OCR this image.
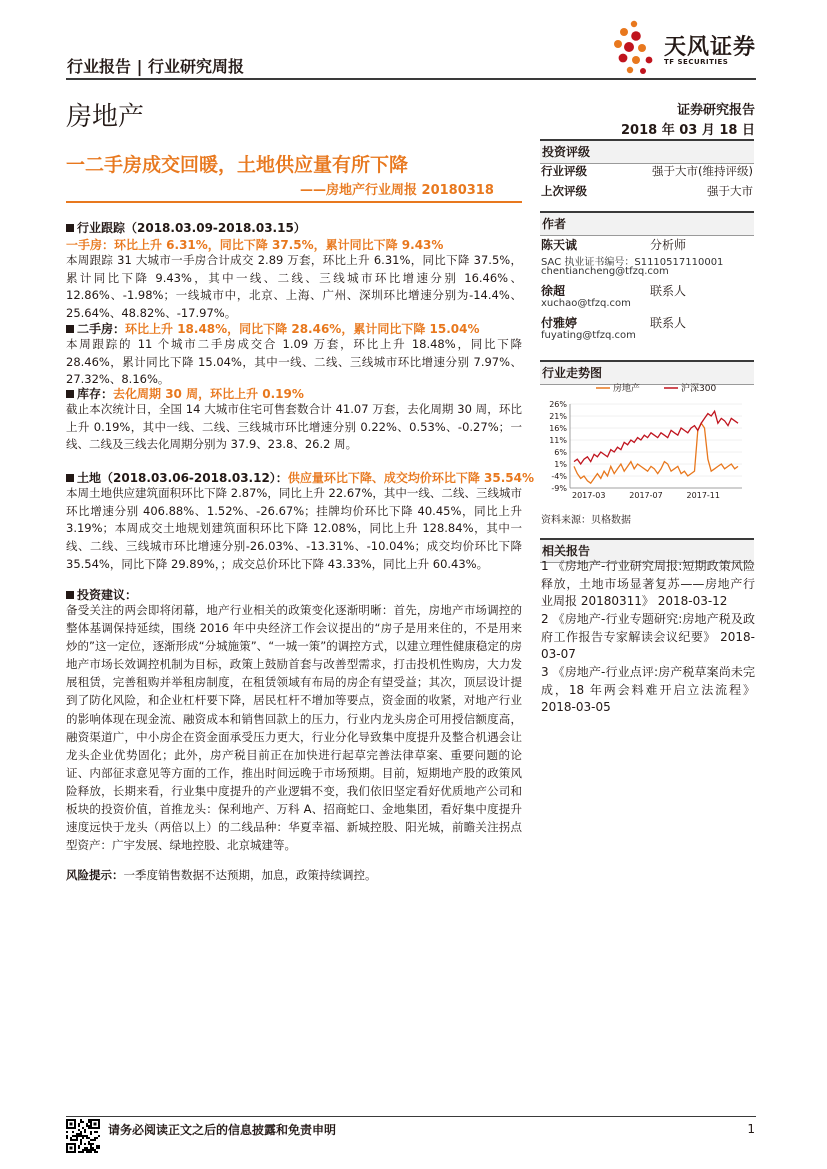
行业报告 | 行业研究周报
天风证券
TF SECURITIES
房地产	证券研究报告
2018 年 03 月 18 日
一二手房成交回暖，土地供应量有所下降
——房地产行业周报 20180318
投资评级
行业评级	强于大市(维持评级)
上次评级	强于大市
作者
陈天诚	分析师
SAC 执业证书编号：S1110517110001
chentiancheng@tfzq.com
徐超	联系人
xuchao@tfzq.com
付雅婷	联系人
fuyating@tfzq.com
行业走势图
房地产	沪深300
26%
21%
16%
11%
6%
1%
-4%
-9%
2017-03	2017-07	2017-11
资料来源：贝格数据
相关报告
1 《房地产-行业研究周报:短期政策风险释放，土地市场显著复苏——房地产行业周报 20180311》 2018-03-12
2 《房地产-行业专题研究:房地产税及政府工作报告专家解读会议纪要》 2018-03-07
3 《房地产-行业点评:房产税草案尚未完成，18 年两会料难开启立法流程》 2018-03-05
行业跟踪（2018.03.09-2018.03.15）
一手房：环比上升 6.31%，同比下降 37.5%，累计同比下降 9.43%
本周跟踪 31 大城市一手房合计成交 2.89 万套，环比上升 6.31%，同比下降 37.5%，累计同比下降 9.43%，其中一线、二线、三线城市环比增速分别 16.46%、12.86%、-1.98%；一线城市中，北京、上海、广州、深圳环比增速分别为-14.4%、25.64%、48.82%、-17.97%。
二手房：环比上升 18.48%，同比下降 28.46%，累计同比下降 15.04%
本周跟踪的 11 个城市二手房成交合 1.09 万套，环比上升 18.48%，同比下降 28.46%，累计同比下降 15.04%，其中一线、二线、三线城市环比增速分别 7.97%、27.32%、8.16%。
库存：去化周期 30 周，环比上升 0.19%
截止本次统计日，全国 14 大城市住宅可售套数合计 41.07 万套，去化周期 30 周，环比上升 0.19%，其中一线、二线、三线城市环比增速分别 0.22%、0.53%、-0.27%；一线、二线及三线去化周期分别为 37.9、23.8、26.2 周。
土地（2018.03.06-2018.03.12）：供应量环比下降、成交均价环比下降 35.54%
本周土地供应建筑面积环比下降 2.87%，同比上升 22.67%，其中一线、二线、三线城市环比增速分别 406.88%、1.52%、-26.67%；挂牌均价环比下降 40.45%，同比上升 3.19%；本周成交土地规划建筑面积环比下降 12.08%，同比上升 128.84%，其中一线、二线、三线城市环比增速分别-26.03%、-13.31%、-10.04%；成交均价环比下降 35.54%，同比下降 29.89%，；成交总价环比下降 43.33%，同比上升 60.43%。
投资建议：
备受关注的两会即将闭幕，地产行业相关的政策变化逐渐明晰：首先，房地产市场调控的整体基调保持延续，围绕 2016 年中央经济工作会议提出的“房子是用来住的，不是用来炒的”这一定位，逐渐形成“分城施策”、“一城一策”的调控方式，以建立理性健康稳定的房地产市场长效调控机制为目标，政策上鼓励首套与改善型需求，打击投机性购房，大力发展租赁，完善租购并举租房制度，在租赁领域有布局的房企有望受益；其次，顶层设计提到了防化风险，和企业杠杆要下降，居民杠杆不增加等要点，资金面的收紧，对地产行业的影响体现在现金流、融资成本和销售回款上的压力，行业内龙头房企可用授信额度高，融资渠道广，中小房企在资金面承受压力更大，行业分化导致集中度提升及整合机遇会让龙头企业优势固化；此外，房产税目前正在加快进行起草完善法律草案、重要问题的论证、内部征求意见等方面的工作，推出时间远晚于市场预期。目前，短期地产股的政策风险释放，长期来看，行业集中度提升的产业逻辑不变，我们依旧坚定看好优质地产公司和板块的投资价值，首推龙头：保利地产、万科 A、招商蛇口、金地集团，看好集中度提升速度远快于龙头（两倍以上）的二线品种：华夏幸福、新城控股、阳光城，前瞻关注拐点型资产：广宇发展、绿地控股、北京城建等。
风险提示：一季度销售数据不达预期，加息，政策持续调控。
请务必阅读正文之后的信息披露和免责申明	1
